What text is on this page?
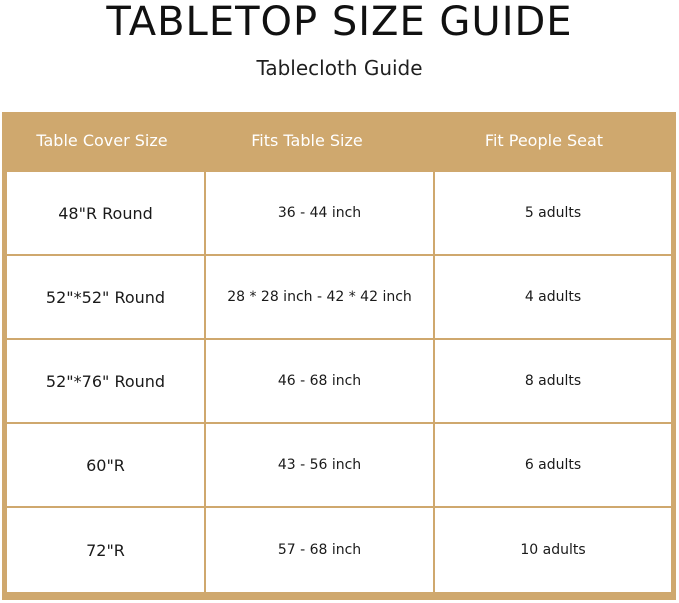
TABLETOP SIZE GUIDE
Tablecloth Guide
Table Cover Size	Fits Table Size	Fit People Seat
48"R Round	36 - 44 inch	5 adults
52"*52" Round	28 * 28 inch - 42 * 42 inch	4 adults
52"*76" Round	46 - 68 inch	8 adults
60"R	43 - 56 inch	6 adults
72"R	57 - 68 inch	10 adults
